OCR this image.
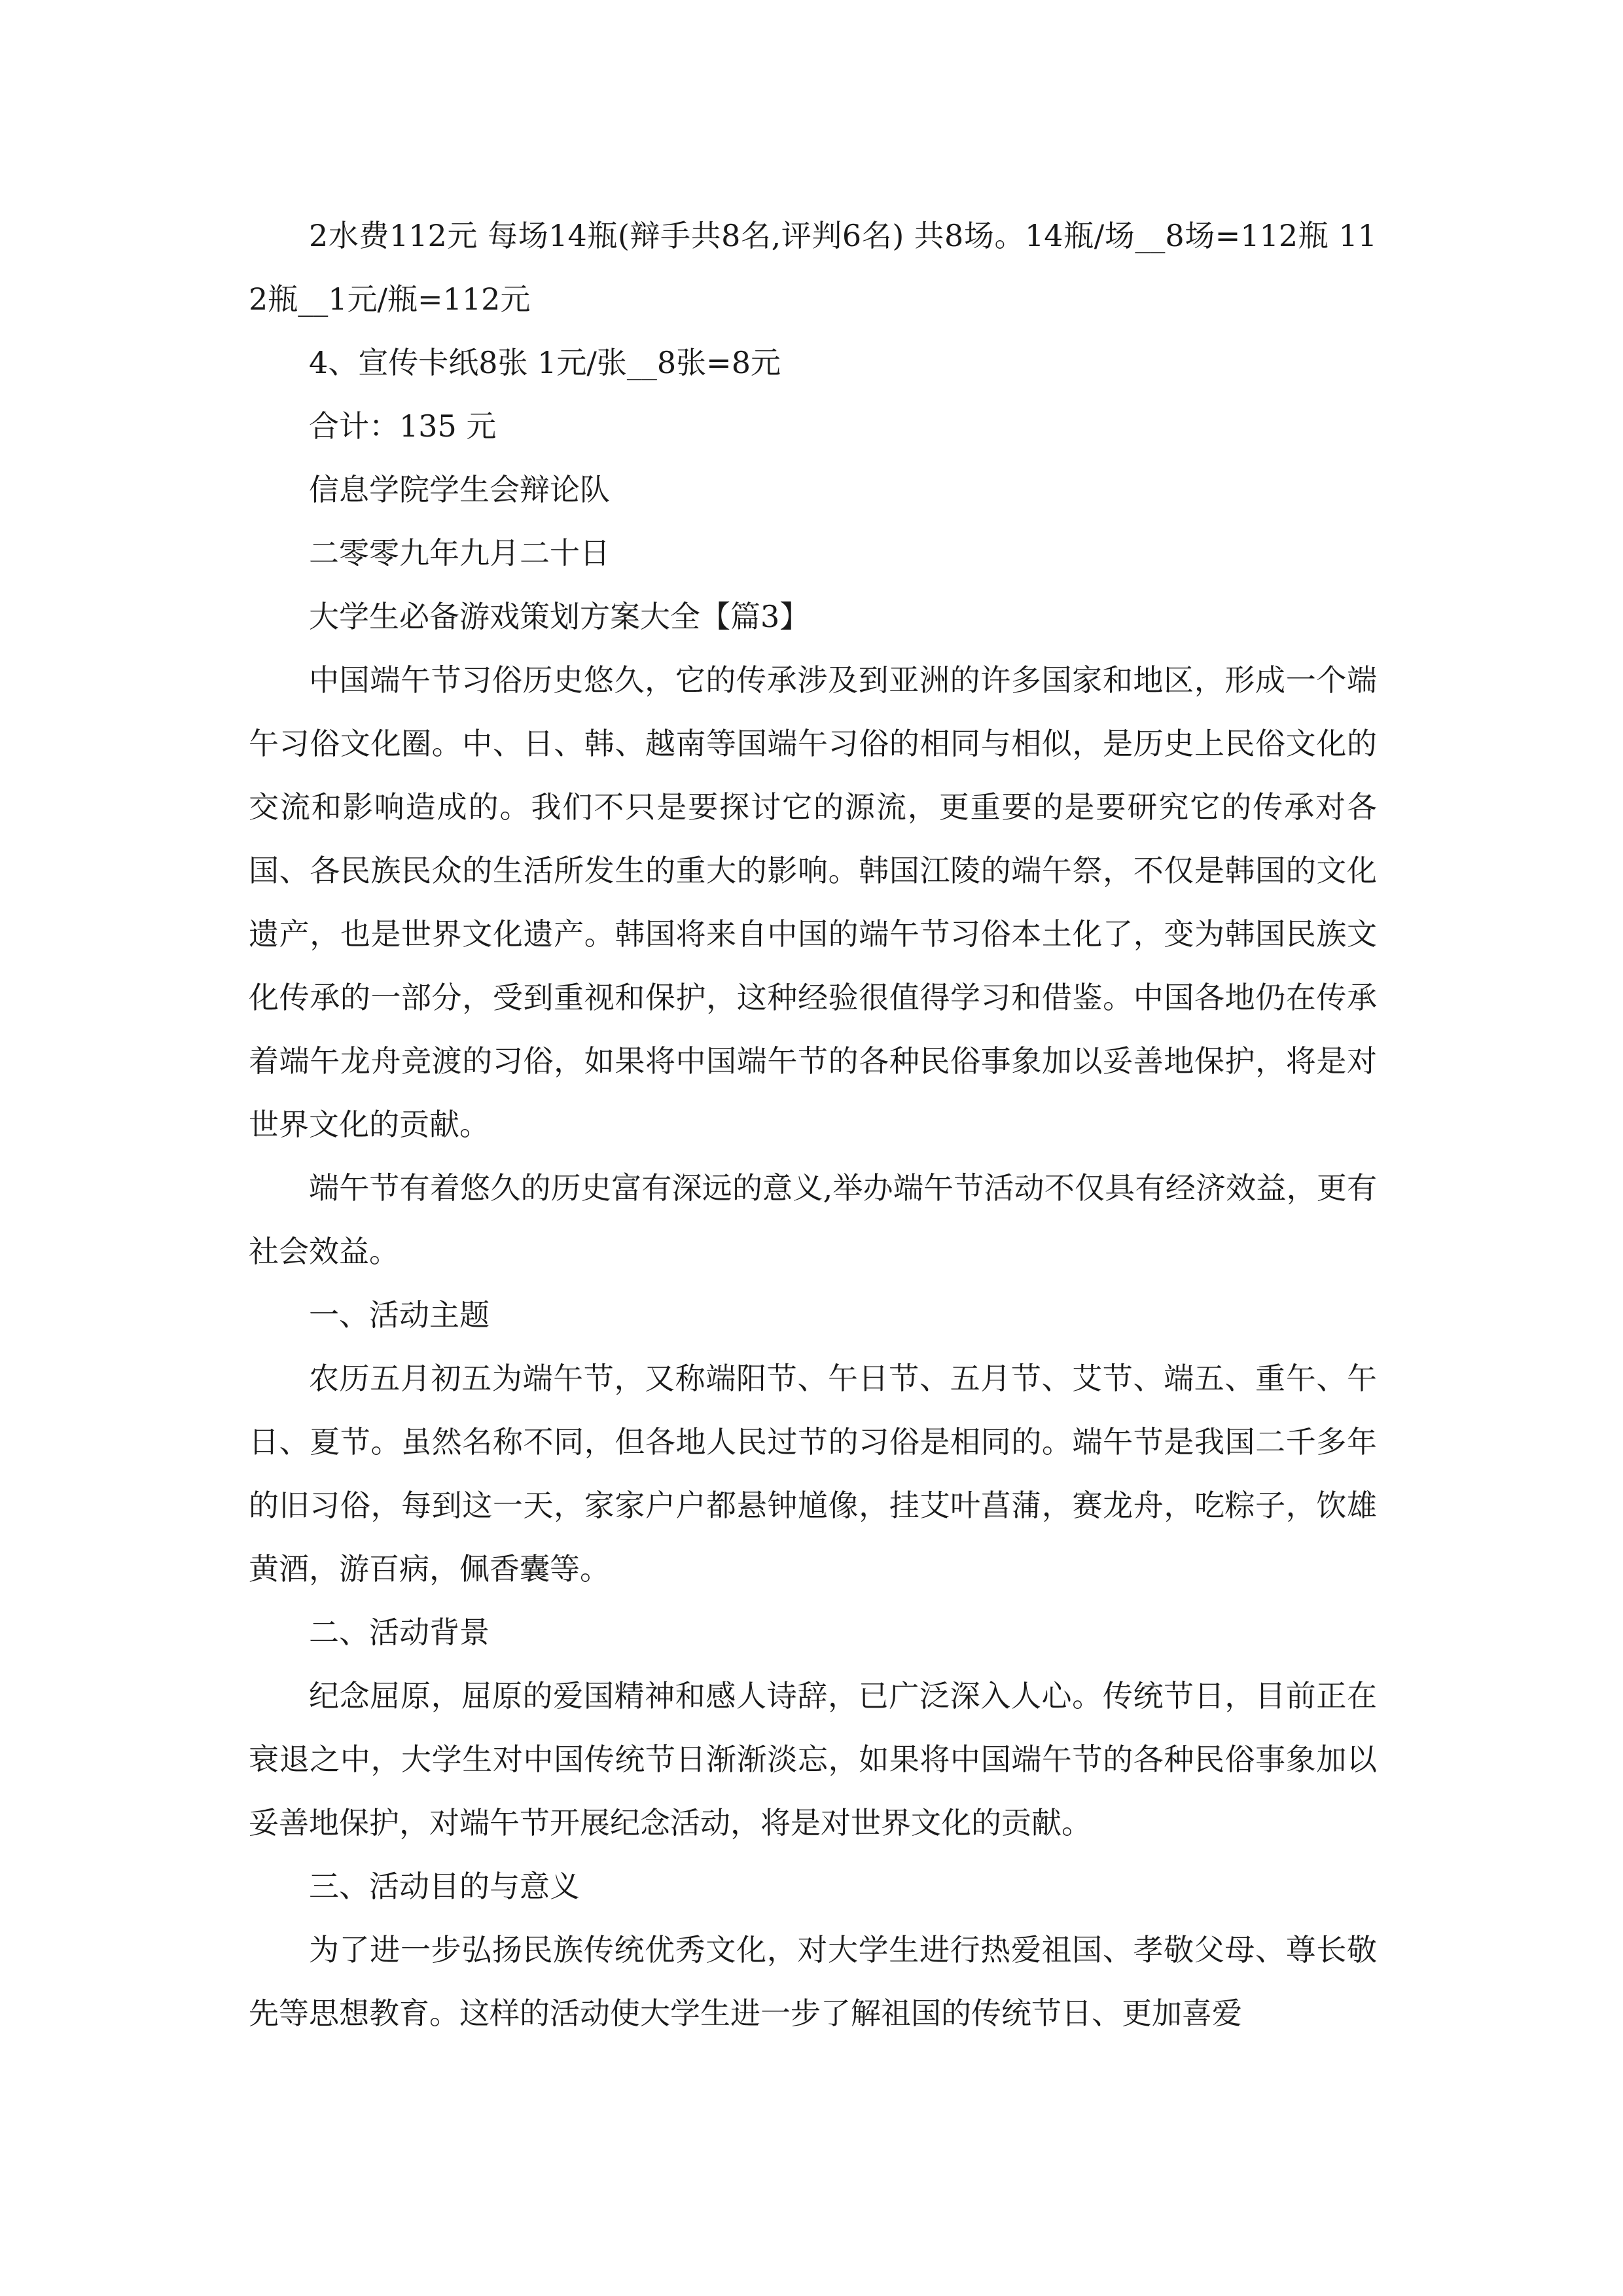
2水费112元 每场14瓶(辩手共8名,评判6名) 共8场。14瓶/场__8场=112瓶 112瓶__1元/瓶=112元

4、宣传卡纸8张 1元/张__8张=8元

合计：135 元

信息学院学生会辩论队

二零零九年九月二十日

大学生必备游戏策划方案大全【篇3】

中国端午节习俗历史悠久，它的传承涉及到亚洲的许多国家和地区，形成一个端午习俗文化圈。中、日、韩、越南等国端午习俗的相同与相似，是历史上民俗文化的交流和影响造成的。我们不只是要探讨它的源流，更重要的是要研究它的传承对各国、各民族民众的生活所发生的重大的影响。韩国江陵的端午祭，不仅是韩国的文化遗产，也是世界文化遗产。韩国将来自中国的端午节习俗本土化了，变为韩国民族文化传承的一部分，受到重视和保护，这种经验很值得学习和借鉴。中国各地仍在传承着端午龙舟竞渡的习俗，如果将中国端午节的各种民俗事象加以妥善地保护，将是对世界文化的贡献。

端午节有着悠久的历史富有深远的意义,举办端午节活动不仅具有经济效益，更有社会效益。

一、活动主题

农历五月初五为端午节，又称端阳节、午日节、五月节、艾节、端五、重午、午日、夏节。虽然名称不同，但各地人民过节的习俗是相同的。端午节是我国二千多年的旧习俗，每到这一天，家家户户都悬钟馗像，挂艾叶菖蒲，赛龙舟，吃粽子，饮雄黄酒，游百病，佩香囊等。

二、活动背景

纪念屈原，屈原的爱国精神和感人诗辞，已广泛深入人心。传统节日，目前正在衰退之中，大学生对中国传统节日渐渐淡忘，如果将中国端午节的各种民俗事象加以妥善地保护，对端午节开展纪念活动，将是对世界文化的贡献。

三、活动目的与意义

为了进一步弘扬民族传统优秀文化，对大学生进行热爱祖国、孝敬父母、尊长敬先等思想教育。这样的活动使大学生进一步了解祖国的传统节日、更加喜爱
